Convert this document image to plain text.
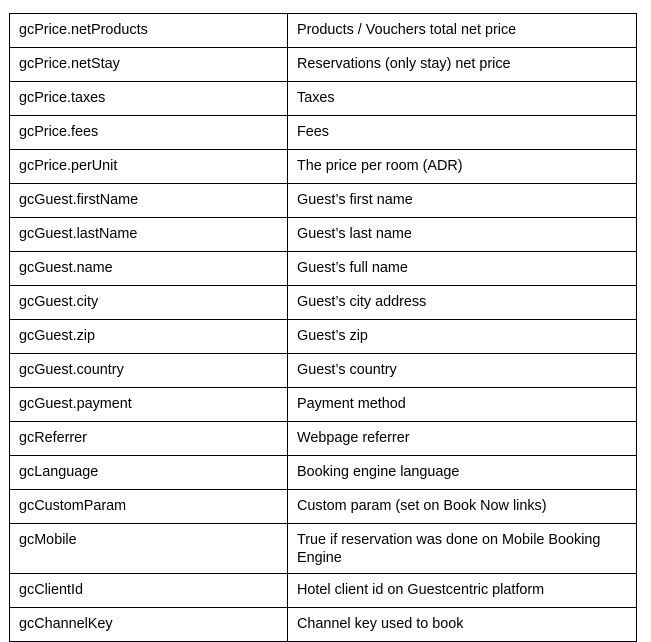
gcPrice.netProducts	Products / Vouchers total net price
gcPrice.netStay	Reservations (only stay) net price
gcPrice.taxes	Taxes
gcPrice.fees	Fees
gcPrice.perUnit	The price per room (ADR)
gcGuest.firstName	Guest’s first name
gcGuest.lastName	Guest’s last name
gcGuest.name	Guest’s full name
gcGuest.city	Guest’s city address
gcGuest.zip	Guest’s zip
gcGuest.country	Guest’s country
gcGuest.payment	Payment method
gcReferrer	Webpage referrer
gcLanguage	Booking engine language
gcCustomParam	Custom param (set on Book Now links)
gcMobile	True if reservation was done on Mobile Booking Engine
gcClientId	Hotel client id on Guestcentric platform
gcChannelKey	Channel key used to book
